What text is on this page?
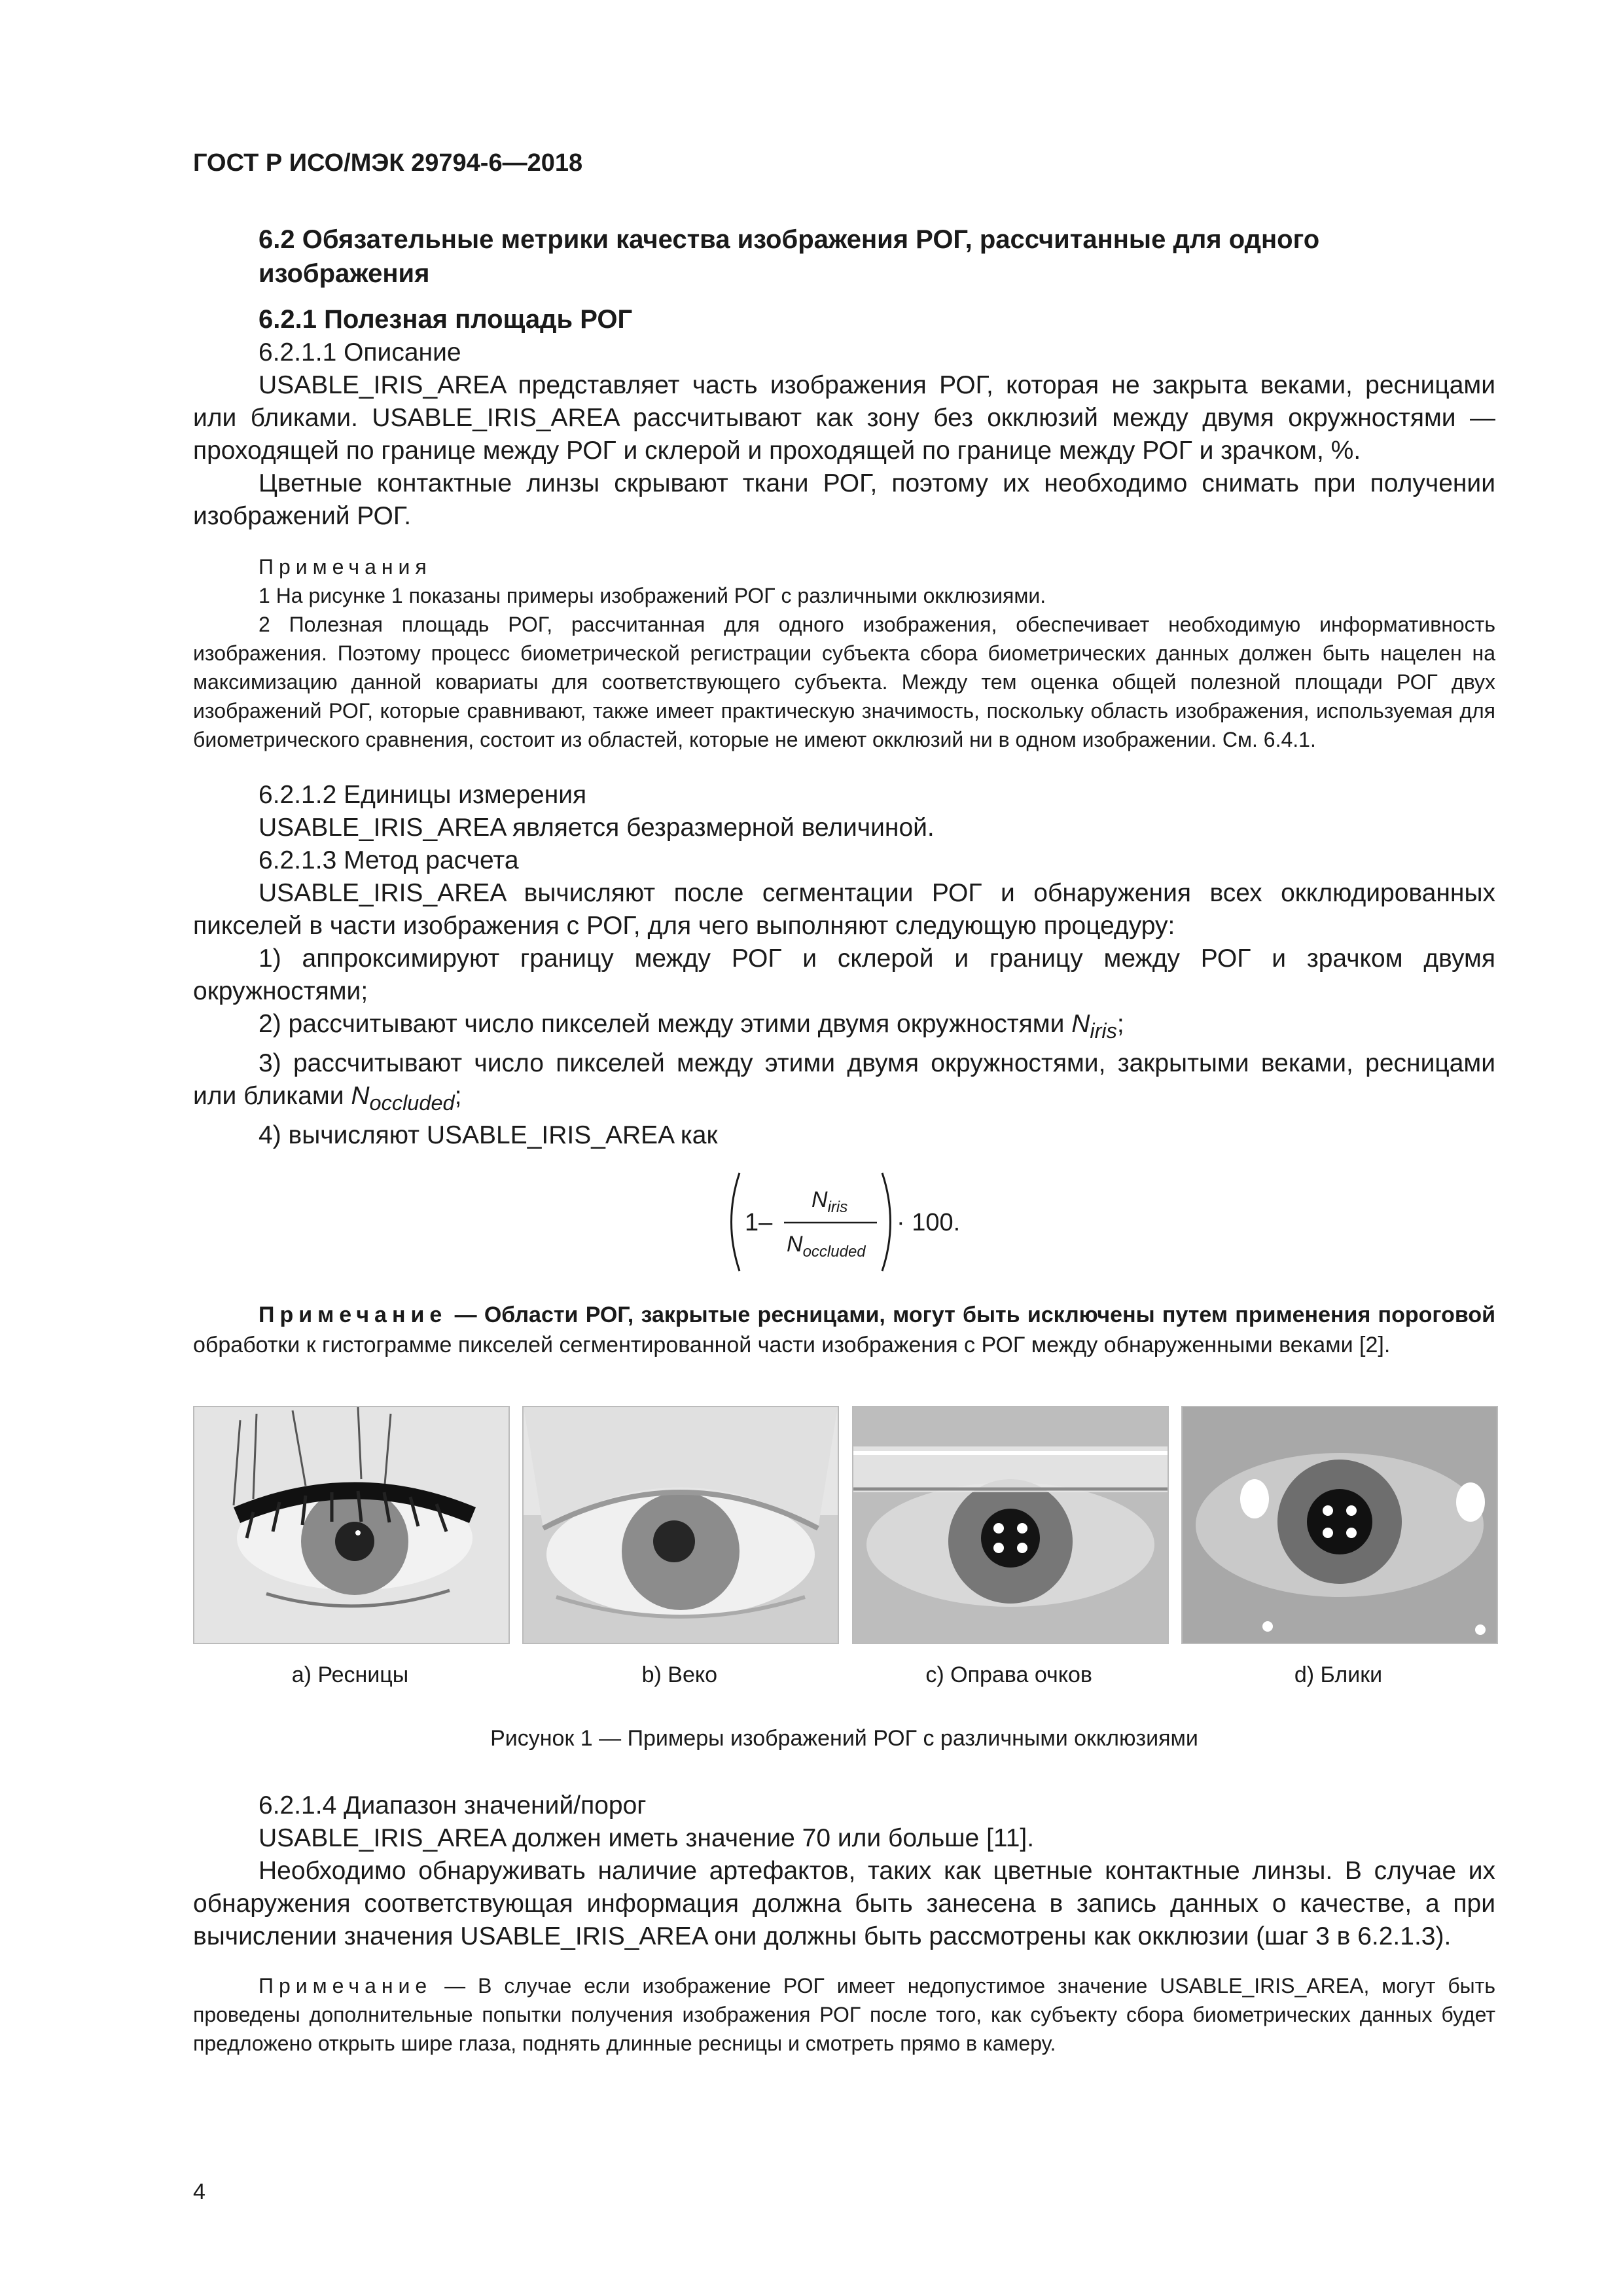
ГОСТ Р ИСО/МЭК 29794-6—2018
6.2 Обязательные метрики качества изображения РОГ, рассчитанные для одного изображения
6.2.1 Полезная площадь РОГ
6.2.1.1 Описание

USABLE_IRIS_AREA представляет часть изображения РОГ, которая не закрыта веками, ресницами или бликами. USABLE_IRIS_AREA рассчитывают как зону без окклюзий между двумя окружностями — проходящей по границе между РОГ и склерой и проходящей по границе между РОГ и зрачком, %.

Цветные контактные линзы скрывают ткани РОГ, поэтому их необходимо снимать при получении изображений РОГ.

Примечания

1 На рисунке 1 показаны примеры изображений РОГ с различными окклюзиями.

2 Полезная площадь РОГ, рассчитанная для одного изображения, обеспечивает необходимую информативность изображения. Поэтому процесс биометрической регистрации субъекта сбора биометрических данных должен быть нацелен на максимизацию данной ковариаты для соответствующего субъекта. Между тем оценка общей полезной площади РОГ двух изображений РОГ, которые сравнивают, также имеет практическую значимость, поскольку область изображения, используемая для биометрического сравнения, состоит из областей, которые не имеют окклюзий ни в одном изображении. См. 6.4.1.

6.2.1.2 Единицы измерения

USABLE_IRIS_AREA является безразмерной величиной.

6.2.1.3 Метод расчета

USABLE_IRIS_AREA вычисляют после сегментации РОГ и обнаружения всех окклюдированных пикселей в части изображения с РОГ, для чего выполняют следующую процедуру:

1) аппроксимируют границу между РОГ и склерой и границу между РОГ и зрачком двумя окружностями;

2) рассчитывают число пикселей между этими двумя окружностями $N_{iris}$;

3) рассчитывают число пикселей между этими двумя окружностями, закрытыми веками, ресницами или бликами $N_{occluded}$;

4) вычисляют USABLE_IRIS_AREA как

1–
$N_{iris}$
$N_{occluded}$
· 100.

Примечание — Области РОГ, закрытые ресницами, могут быть исключены путем применения пороговой обработки к гистограмме пикселей сегментированной части изображения с РОГ между обнаруженными веками [2].

a) Ресницы	b) Веко	c) Оправа очков	d) Блики
Рисунок 1 — Примеры изображений РОГ с различными окклюзиями
6.2.1.4 Диапазон значений/порог

USABLE_IRIS_AREA должен иметь значение 70 или больше [11].

Необходимо обнаруживать наличие артефактов, таких как цветные контактные линзы. В случае их обнаружения соответствующая информация должна быть занесена в запись данных о качестве, а при вычислении значения USABLE_IRIS_AREA они должны быть рассмотрены как окклюзии (шаг 3 в 6.2.1.3).

Примечание — В случае если изображение РОГ имеет недопустимое значение USABLE_IRIS_AREA, могут быть проведены дополнительные попытки получения изображения РОГ после того, как субъекту сбора биометрических данных будет предложено открыть шире глаза, поднять длинные ресницы и смотреть прямо в камеру.

4
